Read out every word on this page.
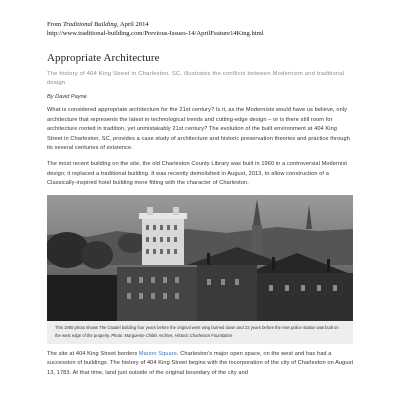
From Traditional Building, April 2014
http://www.traditional-building.com/Previous-Issues-14/AprilFeature14King.html
Appropriate Architecture
The history of 404 King Street in Charleston, SC, illustrates the conflicts between Modernism and traditional design
By David Payne

What is considered appropriate architecture for the 21st century? Is it, as the Modernists would have us believe, only architecture that represents the latest in technological trends and cutting-edge design – or is there still room for architecture rooted in tradition, yet unmistakably 21st century? The evolution of the built environment at 404 King Street in Charleston, SC, provides a case study of architecture and historic preservation theories and practice through its several centuries of existence.

The most recent building on the site, the old Charleston County Library was built in 1960 in a controversial Modernist design; it replaced a traditional building. It was recently demolished in August, 2013, to allow construction of a Classically-inspired hotel building more fitting with the character of Charleston.

This 1900 photo shows The Citadel building four years before the original west wing burned down and 22 years before the new police station was built on the west edge of the property. Photo: Marguerite Childs Archive, Historic Charleston Foundation

The site at 404 King Street borders Marion Square. Charleston's major open space, on the west and has had a succession of buildings. The history of 404 King Street begins with the incorporation of the city of Charleston on August 13, 1783. At that time, land just outside of the original boundary of the city and
